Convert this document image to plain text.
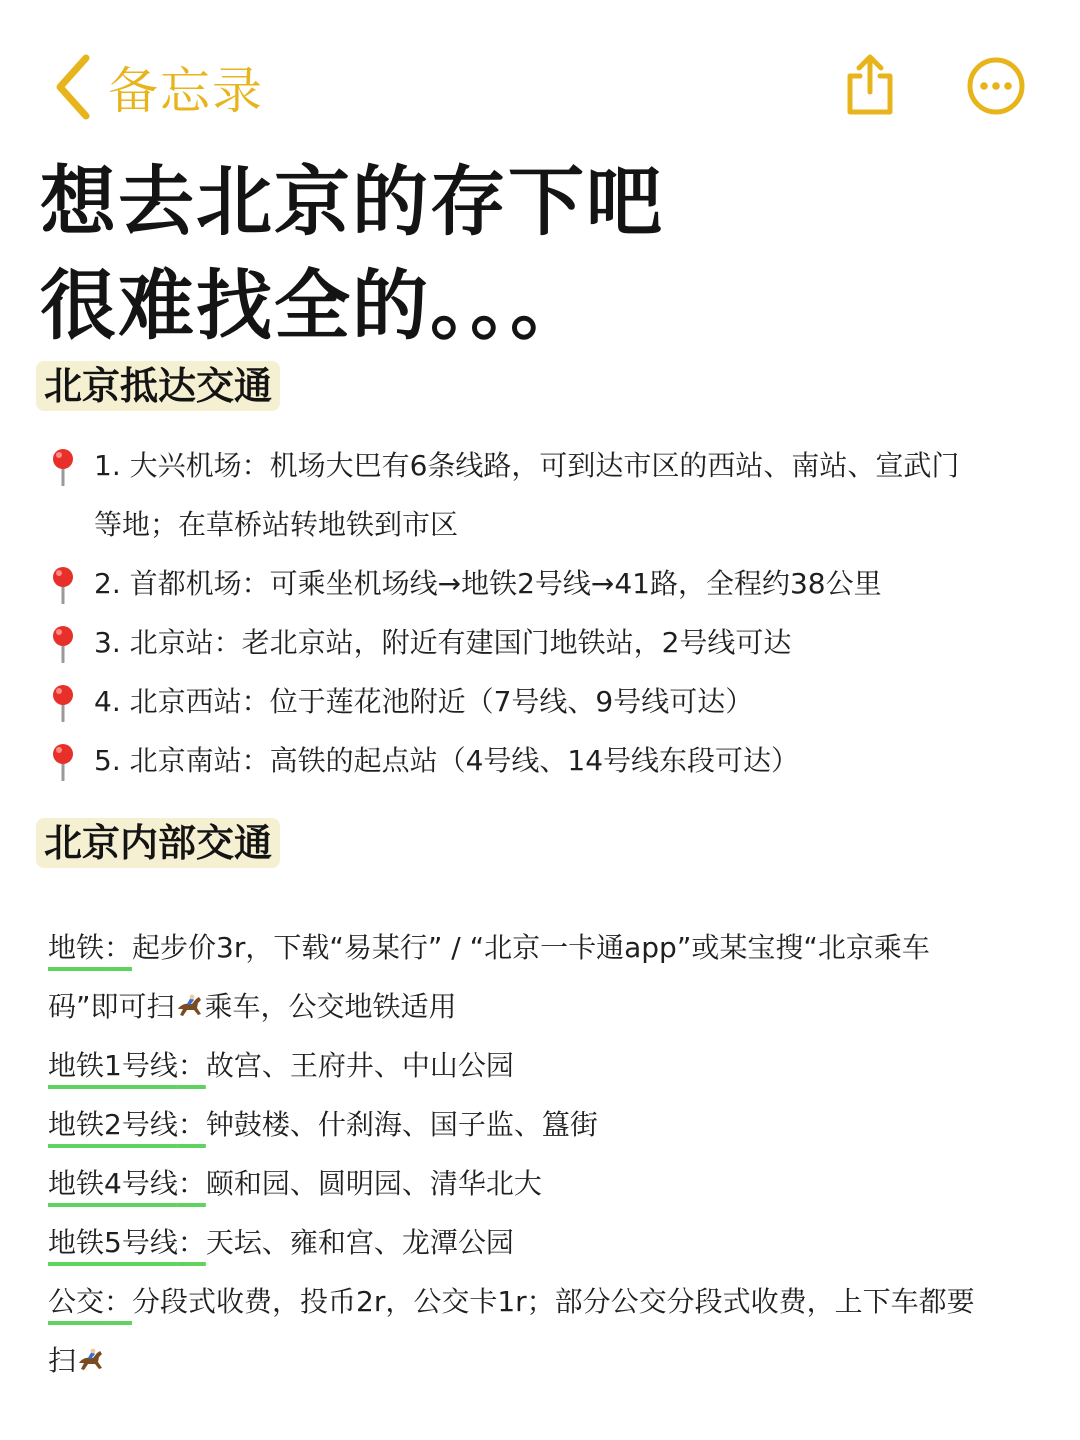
备忘录
想去北京的存下吧
很难找全的。。。
北京抵达交通
1. 大兴机场：机场大巴有6条线路，可到达市区的西站、南站、宣武门
等地；在草桥站转地铁到市区
2. 首都机场：可乘坐机场线→地铁2号线→41路，全程约38公里
3. 北京站：老北京站，附近有建国门地铁站，2号线可达
4. 北京西站：位于莲花池附近（7号线、9号线可达）
5. 北京南站：高铁的起点站（4号线、14号线东段可达）
北京内部交通
地铁：起步价3r，下载“易某行” / “北京一卡通app”或某宝搜“北京乘车
码”即可扫 乘车，公交地铁适用
地铁1号线：故宫、王府井、中山公园
地铁2号线：钟鼓楼、什刹海、国子监、簋街
地铁4号线：颐和园、圆明园、清华北大
地铁5号线：天坛、雍和宫、龙潭公园
公交：分段式收费，投币2r，公交卡1r；部分公交分段式收费，上下车都要
扫
